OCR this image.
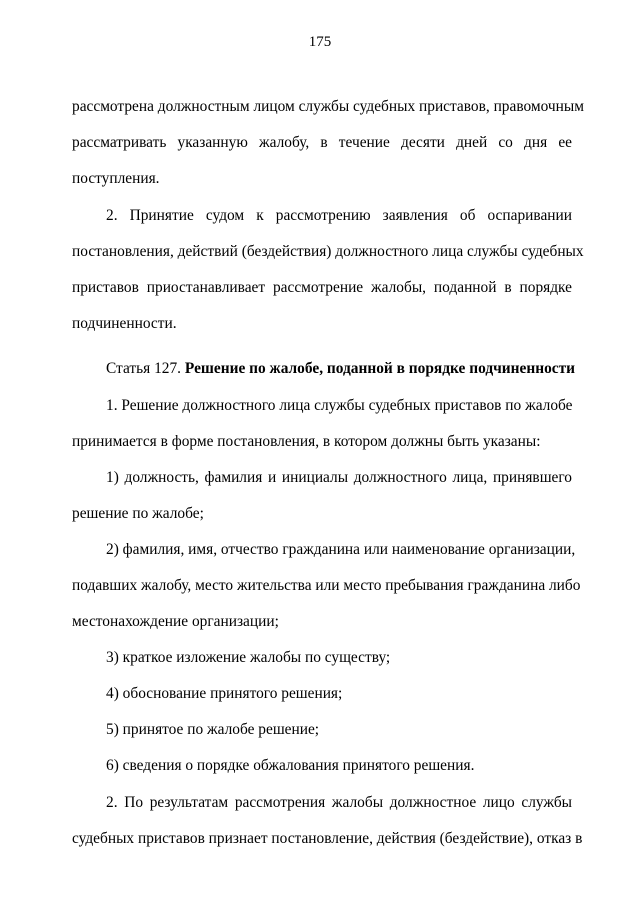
175
рассмотрена должностным лицом службы судебных приставов, правомочным
рассматривать указанную жалобу, в течение десяти дней со дня ее
поступления.
2. Принятие судом к рассмотрению заявления об оспаривании
постановления, действий (бездействия) должностного лица службы судебных
приставов приостанавливает рассмотрение жалобы, поданной в порядке
подчиненности.
Статья 127. Решение по жалобе, поданной в порядке подчиненности
1. Решение должностного лица службы судебных приставов по жалобе
принимается в форме постановления, в котором должны быть указаны:
1) должность, фамилия и инициалы должностного лица, принявшего
решение по жалобе;
2) фамилия, имя, отчество гражданина или наименование организации,
подавших жалобу, место жительства или место пребывания гражданина либо
местонахождение организации;
3) краткое изложение жалобы по существу;
4) обоснование принятого решения;
5) принятое по жалобе решение;
6) сведения о порядке обжалования принятого решения.
2. По результатам рассмотрения жалобы должностное лицо службы
судебных приставов признает постановление, действия (бездействие), отказ в
